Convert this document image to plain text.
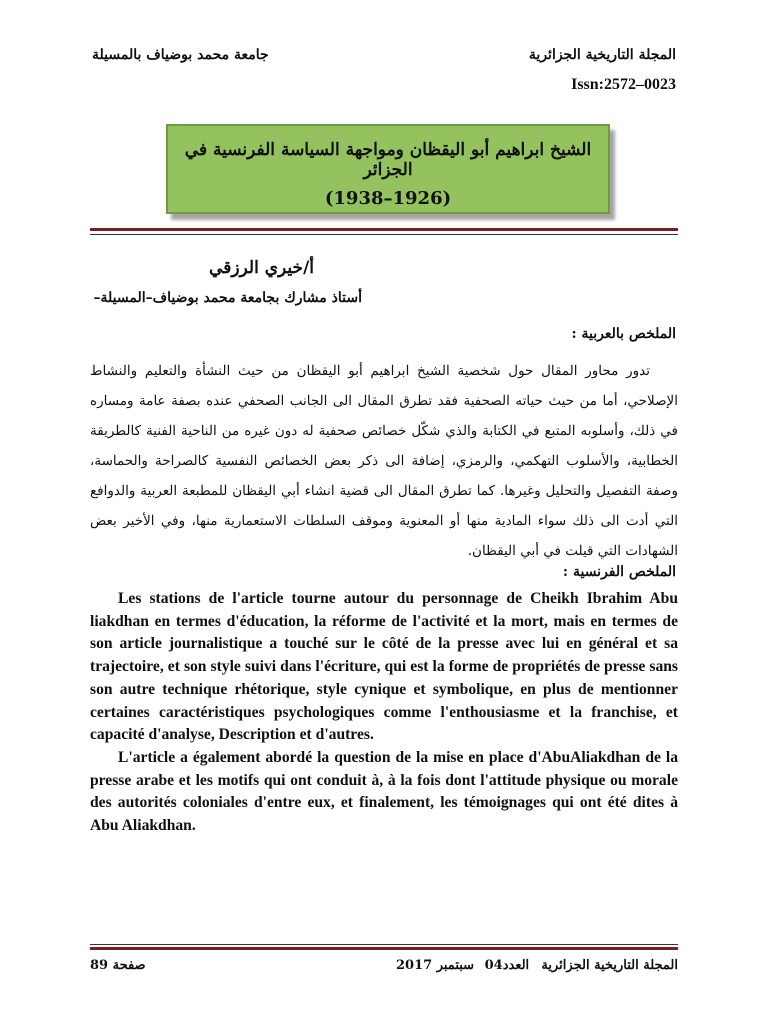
المجلة التاريخية الجزائرية
جامعة محمد بوضياف بالمسيلة
Issn:2572–0023
الشيخ ابراهيم أبو اليقظان ومواجهة السياسة الفرنسية في الجزائر
(1926–1938)
أ/خيري الرزقي
أستاذ مشارك بجامعة محمد بوضياف–المسيلة–
الملخص بالعربية :

تدور محاور المقال حول شخصية الشيخ ابراهيم أبو اليقظان من حيث النشأة والتعليم والنشاط الإصلاحي، أما من حيث حياته الصحفية فقد تطرق المقال الى الجانب الصحفي عنده بصفة عامة ومساره في ذلك، وأسلوبه المتبع في الكتابة والذي شكّل خصائص صحفية له دون غيره من الناحية الفنية كالطريقة الخطابية، والأسلوب التهكمي، والرمزي، إضافة الى ذكر بعض الخصائص النفسية كالصراحة والحماسة، وصفة التفصيل والتحليل وغيرها. كما تطرق المقال الى قضية انشاء أبي اليقظان للمطبعة العربية والدوافع التي أدت الى ذلك سواء المادية منها أو المعنوية وموقف السلطات الاستعمارية منها، وفي الأخير بعض الشهادات التي قيلت في أبي اليقظان.

الملخص الفرنسية :

Les stations de l'article tourne autour du personnage de Cheikh Ibrahim Abu liakdhan en termes d'éducation, la réforme de l'activité et la mort, mais en termes de son article journalistique a touché sur le côté de la presse avec lui en général et sa trajectoire, et son style suivi dans l'écriture, qui est la forme de propriétés de presse sans son autre technique rhétorique, style cynique et symbolique, en plus de mentionner certaines caractéristiques psychologiques comme l'enthousiasme et la franchise, et capacité d'analyse, Description et d'autres.

L'article a également abordé la question de la mise en place d'AbuAliakdhan de la presse arabe et les motifs qui ont conduit à, à la fois dont l'attitude physique ou morale des autorités coloniales d'entre eux, et finalement, les témoignages qui ont été dites à Abu Aliakdhan.

المجلة التاريخية الجزائرية
العدد04 سبتمبر 2017
صفحة 89
